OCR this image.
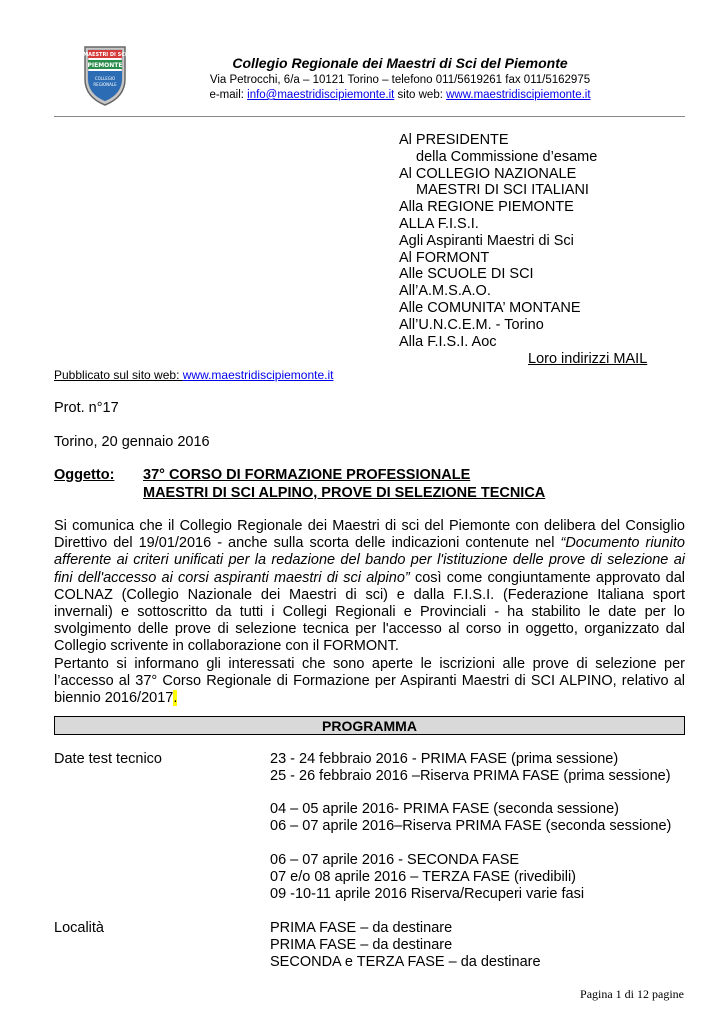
MAESTRI DI SCI
PIEMONTE
COLLEGIO
REGIONALE
Collegio Regionale dei Maestri di Sci del Piemonte
Via Petrocchi, 6/a – 10121 Torino – telefono 011/5619261 fax 011/5162975
e-mail: info@maestridiscipiemonte.it sito web: www.maestridiscipiemonte.it
Al PRESIDENTE
della Commissione d’esame
Al COLLEGIO NAZIONALE
MAESTRI DI SCI ITALIANI
Alla REGIONE PIEMONTE
ALLA F.I.S.I.
Agli Aspiranti Maestri di Sci
Al FORMONT
Alle SCUOLE DI SCI
All’A.M.S.A.O.
Alle COMUNITA’ MONTANE
All’U.N.C.E.M. - Torino
Alla F.I.S.I. Aoc
Loro indirizzi MAIL
Pubblicato sul sito web: www.maestridiscipiemonte.it
Prot. n°17
Torino, 20 gennaio 2016
Oggetto: 37° CORSO DI FORMAZIONE PROFESSIONALE
MAESTRI DI SCI ALPINO, PROVE DI SELEZIONE TECNICA

Si comunica che il Collegio Regionale dei Maestri di sci del Piemonte con delibera del Consiglio Direttivo del 19/01/2016 - anche sulla scorta delle indicazioni contenute nel “Documento riunito afferente ai criteri unificati per la redazione del bando per l'istituzione delle prove di selezione ai fini dell'accesso ai corsi aspiranti maestri di sci alpino” così come congiuntamente approvato dal COLNAZ (Collegio Nazionale dei Maestri di sci) e dalla F.I.S.I. (Federazione Italiana sport invernali) e sottoscritto da tutti i Collegi Regionali e Provinciali - ha stabilito le date per lo svolgimento delle prove di selezione tecnica per l'accesso al corso in oggetto, organizzato dal Collegio scrivente in collaborazione con il FORMONT.

Pertanto si informano gli interessati che sono aperte le iscrizioni alle prove di selezione per l’accesso al 37° Corso Regionale di Formazione per Aspiranti Maestri di SCI ALPINO, relativo al biennio 2016/2017.

PROGRAMMA
Date test tecnico	23 - 24 febbraio 2016 - PRIMA FASE (prima sessione)
25 - 26 febbraio 2016 –Riserva PRIMA FASE (prima sessione)
04 – 05 aprile 2016- PRIMA FASE (seconda sessione)
06 – 07 aprile 2016–Riserva PRIMA FASE (seconda sessione)
06 – 07 aprile 2016 - SECONDA FASE
07 e/o 08 aprile 2016 – TERZA FASE (rivedibili)
09 -10-11 aprile 2016 Riserva/Recuperi varie fasi
Località	PRIMA FASE – da destinare
PRIMA FASE – da destinare
SECONDA e TERZA FASE – da destinare
Pagina 1 di 12 pagine
